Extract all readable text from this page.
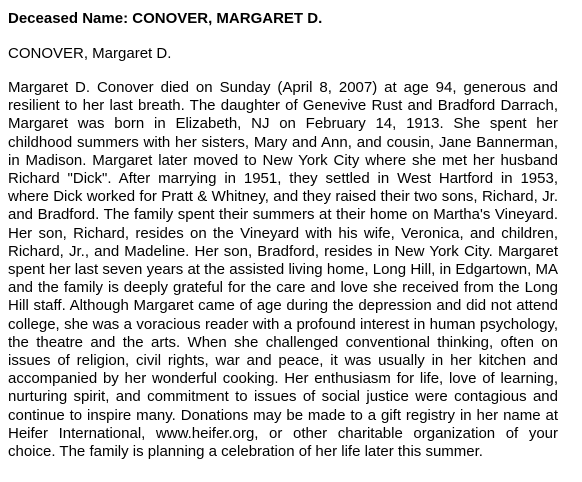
Deceased Name: CONOVER, MARGARET D.

CONOVER, Margaret D.

Margaret D. Conover died on Sunday (April 8, 2007) at age 94, generous and resilient to her last breath. The daughter of Genevive Rust and Bradford Darrach, Margaret was born in Elizabeth, NJ on February 14, 1913. She spent her childhood summers with her sisters, Mary and Ann, and cousin, Jane Bannerman, in Madison. Margaret later moved to New York City where she met her husband Richard "Dick". After marrying in 1951, they settled in West Hartford in 1953, where Dick worked for Pratt & Whitney, and they raised their two sons, Richard, Jr. and Bradford. The family spent their summers at their home on Martha's Vineyard. Her son, Richard, resides on the Vineyard with his wife, Veronica, and children, Richard, Jr., and Madeline. Her son, Bradford, resides in New York City. Margaret spent her last seven years at the assisted living home, Long Hill, in Edgartown, MA and the family is deeply grateful for the care and love she received from the Long Hill staff. Although Margaret came of age during the depression and did not attend college, she was a voracious reader with a profound interest in human psychology, the theatre and the arts. When she challenged conventional thinking, often on issues of religion, civil rights, war and peace, it was usually in her kitchen and accompanied by her wonderful cooking. Her enthusiasm for life, love of learning, nurturing spirit, and commitment to issues of social justice were contagious and continue to inspire many. Donations may be made to a gift registry in her name at Heifer International, www.heifer.org, or other charitable organization of your choice. The family is planning a celebration of her life later this summer.
